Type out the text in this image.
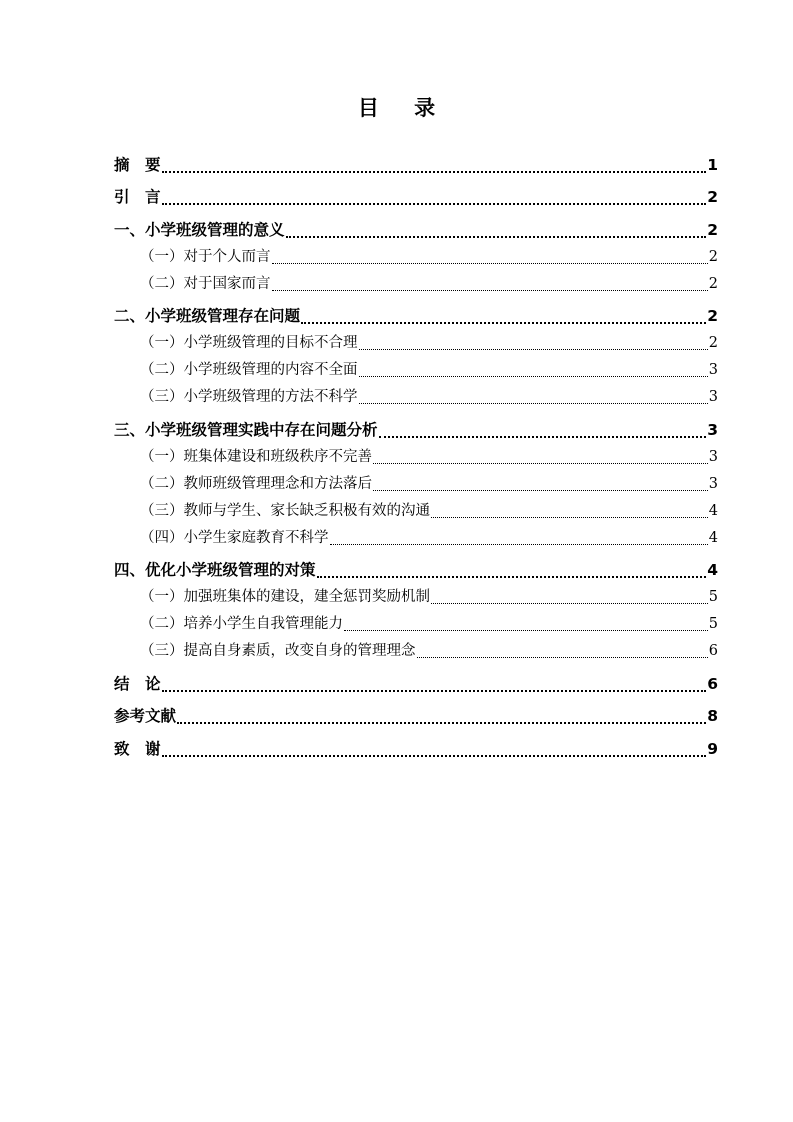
目 录
摘　要	1
引　言	2
一、小学班级管理的意义	2
（一）对于个人而言	2
（二）对于国家而言	2
二、小学班级管理存在问题	2
（一）小学班级管理的目标不合理	2
（二）小学班级管理的内容不全面	3
（三）小学班级管理的方法不科学	3
三、小学班级管理实践中存在问题分析	3
（一）班集体建设和班级秩序不完善	3
（二）教师班级管理理念和方法落后	3
（三）教师与学生、家长缺乏积极有效的沟通	4
（四）小学生家庭教育不科学	4
四、优化小学班级管理的对策	4
（一）加强班集体的建设，建全惩罚奖励机制	5
（二）培养小学生自我管理能力	5
（三）提高自身素质，改变自身的管理理念	6
结　论	6
参考文献	8
致　谢	9
